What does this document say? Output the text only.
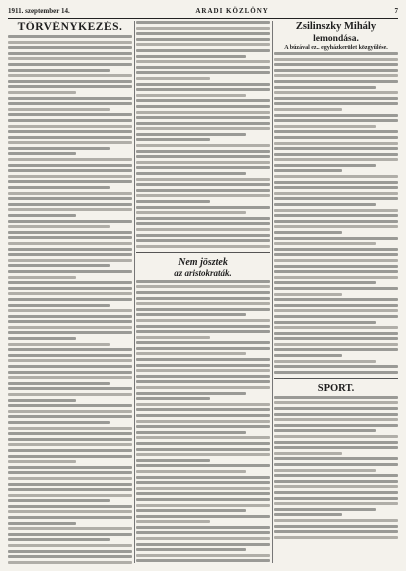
1911. szeptember 14.	ARADI KÖZLÖNY	7
TÖRVÉNYKEZÉS.
Nem jösztek
az aristokraták.
Zsilinszky Mihály
lemondása.
A búzával ez.. egyházkerület közgyűlése.
SPORT.
